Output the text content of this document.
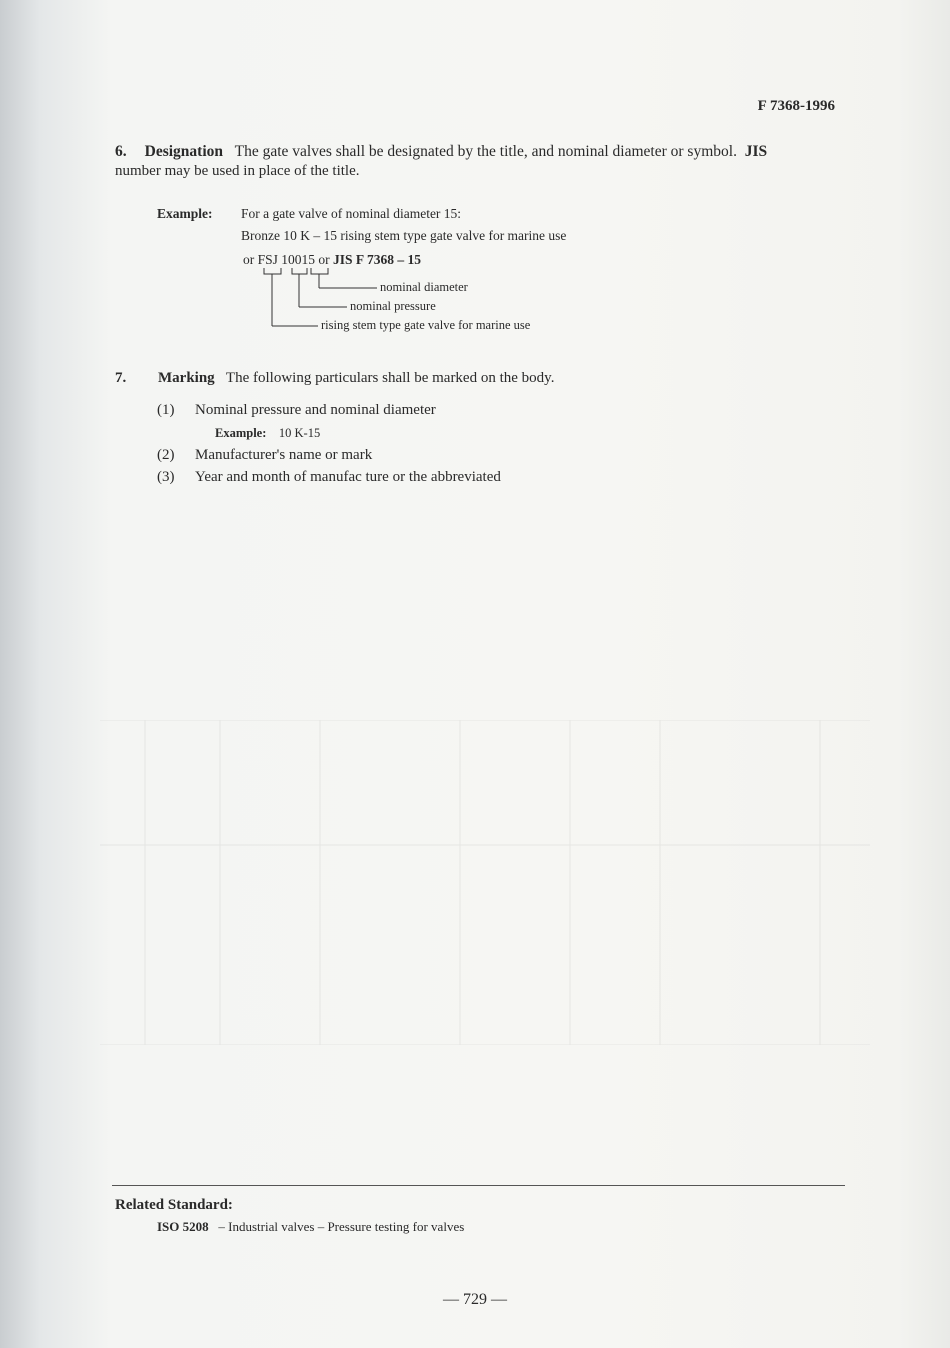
F 7368-1996
6. Designation The gate valves shall be designated by the title, and nominal diameter or symbol. JIS
number may be used in place of the title.
Example: For a gate valve of nominal diameter 15:
Bronze 10 K – 15 rising stem type gate valve for marine use
or FSJ 10015 or JIS F 7368 – 15
nominal diameter
nominal pressure
rising stem type gate valve for marine use
7. Marking The following particulars shall be marked on the body.
(1) Nominal pressure and nominal diameter
Example: 10 K-15
(2) Manufacturer's name or mark
(3) Year and month of manufac ture or the abbreviated
Related Standard:
ISO 5208 – Industrial valves – Pressure testing for valves
— 729 —
